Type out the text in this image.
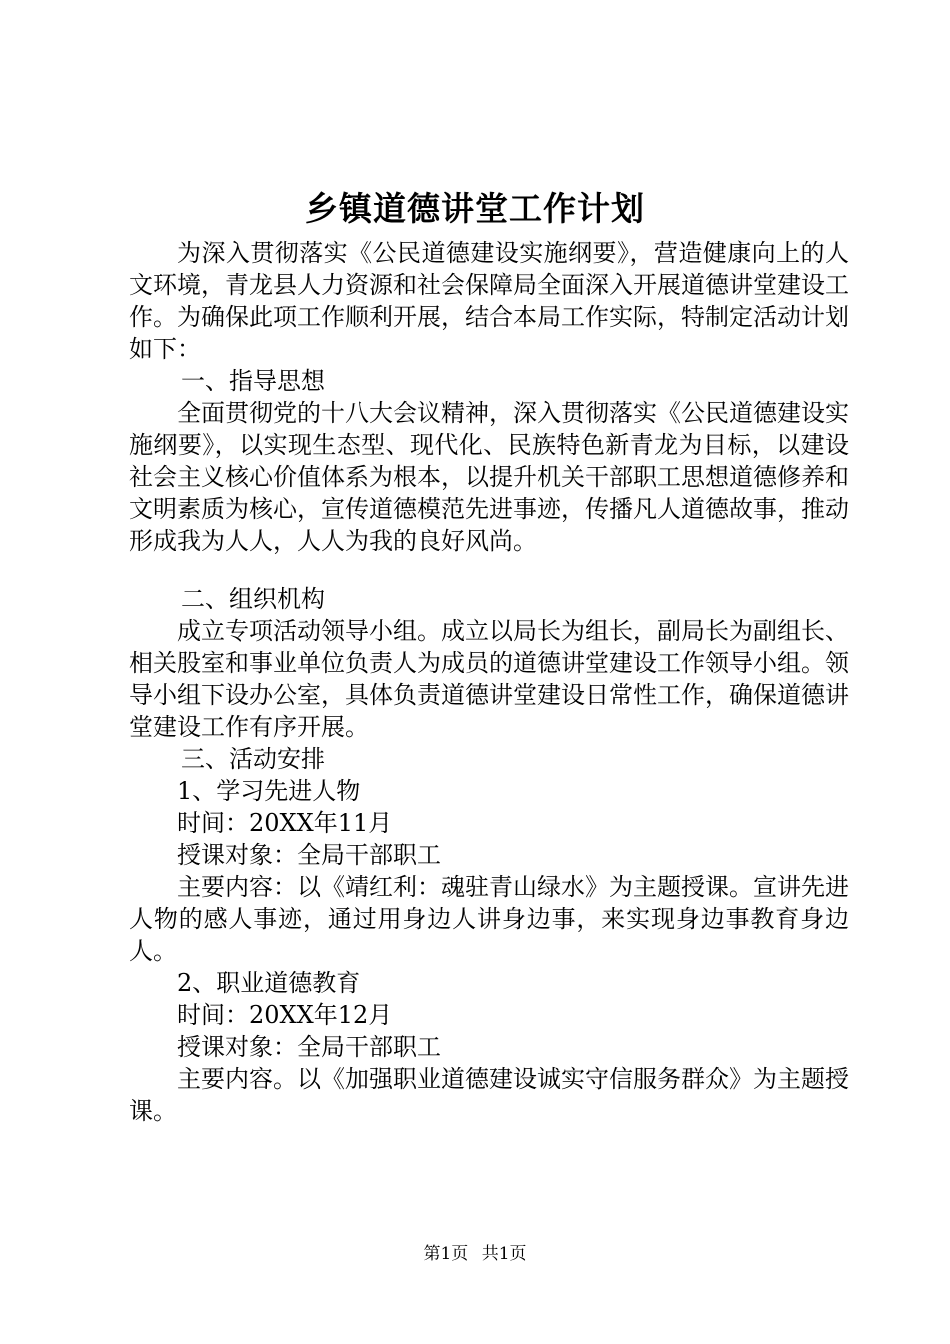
乡镇道德讲堂工作计划

为深入贯彻落实《公民道德建设实施纲要》，营造健康向上的人文环境，青龙县人力资源和社会保障局全面深入开展道德讲堂建设工作。为确保此项工作顺利开展，结合本局工作实际，特制定活动计划如下：

一、指导思想

全面贯彻党的十八大会议精神，深入贯彻落实《公民道德建设实施纲要》，以实现生态型、现代化、民族特色新青龙为目标，以建设社会主义核心价值体系为根本，以提升机关干部职工思想道德修养和文明素质为核心，宣传道德模范先进事迹，传播凡人道德故事，推动形成我为人人，人人为我的良好风尚。

二、组织机构

成立专项活动领导小组。成立以局长为组长，副局长为副组长、相关股室和事业单位负责人为成员的道德讲堂建设工作领导小组。领导小组下设办公室，具体负责道德讲堂建设日常性工作，确保道德讲堂建设工作有序开展。

三、活动安排

1、学习先进人物

时间：20XX年11月

授课对象：全局干部职工

主要内容：以《靖红利：魂驻青山绿水》为主题授课。宣讲先进人物的感人事迹，通过用身边人讲身边事，来实现身边事教育身边人。

2、职业道德教育

时间：20XX年12月

授课对象：全局干部职工

主要内容。以《加强职业道德建设诚实守信服务群众》为主题授课。

第1页 共1页
